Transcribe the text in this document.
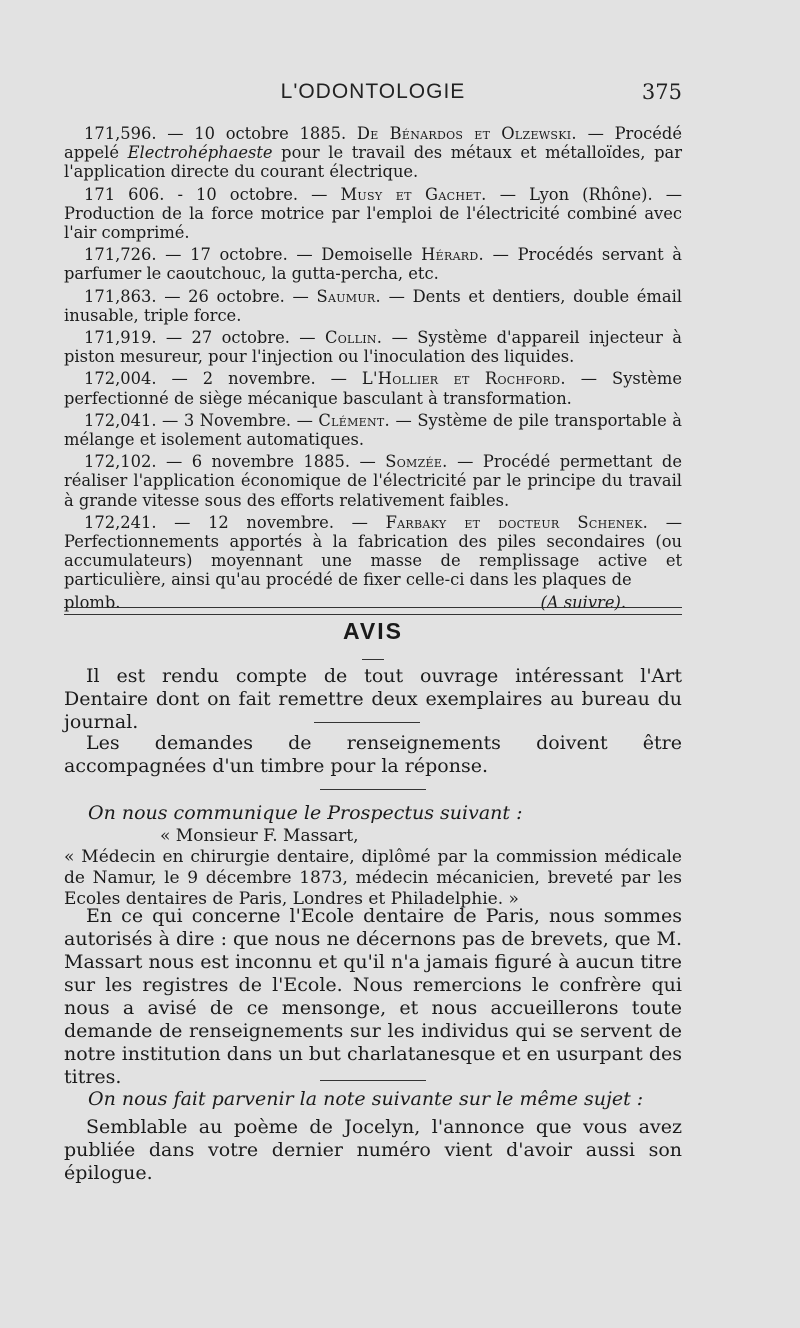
L'ODONTOLOGIE	375

171,596. — 10 octobre 1885. De Bénardos et Olzewski. — Procédé appelé Electrohéphaeste pour le travail des métaux et métalloïdes, par l'application directe du courant électrique.

171 606. - 10 octobre. — Musy et Gachet. — Lyon (Rhône). — Production de la force motrice par l'emploi de l'électricité combiné avec l'air comprimé.

171,726. — 17 octobre. — Demoiselle Hérard. — Procédés servant à parfumer le caoutchouc, la gutta-percha, etc.

171,863. — 26 octobre. — Saumur. — Dents et dentiers, double émail inusable, triple force.

171,919. — 27 octobre. — Collin. — Système d'appareil injecteur à piston mesureur, pour l'injection ou l'inoculation des liquides.

172,004. — 2 novembre. — L'Hollier et Rochford. — Système perfectionné de siège mécanique basculant à transformation.

172,041. — 3 Novembre. — Clément. — Système de pile transportable à mélange et isolement automatiques.

172,102. — 6 novembre 1885. — Somzée. — Procédé permettant de réaliser l'application économique de l'électricité par le principe du travail à grande vitesse sous des efforts relativement faibles.

172,241. — 12 novembre. — Farbaky et docteur Schenek. — Perfectionnements apportés à la fabrication des piles secondaires (ou accumulateurs) moyennant une masse de remplissage active et particulière, ainsi qu'au procédé de fixer celle-ci dans les plaques de

plomb.	(A suivre).
AVIS

Il est rendu compte de tout ouvrage intéressant l'Art Dentaire dont on fait remettre deux exemplaires au bureau du journal.

Les demandes de renseignements doivent être accompagnées d'un timbre pour la réponse.

On nous communique le Prospectus suivant :

« Monsieur F. Massart,

« Médecin en chirurgie dentaire, diplômé par la commission médicale de Namur, le 9 décembre 1873, médecin mécanicien, breveté par les Ecoles dentaires de Paris, Londres et Philadelphie. »

En ce qui concerne l'Ecole dentaire de Paris, nous sommes autorisés à dire : que nous ne décernons pas de brevets, que M. Massart nous est inconnu et qu'il n'a jamais figuré à aucun titre sur les registres de l'Ecole. Nous remercions le confrère qui nous a avisé de ce mensonge, et nous accueillerons toute demande de renseignements sur les individus qui se servent de notre institution dans un but charlatanesque et en usurpant des titres.

On nous fait parvenir la note suivante sur le même sujet :

Semblable au poème de Jocelyn, l'annonce que vous avez publiée dans votre dernier numéro vient d'avoir aussi son épilogue.
